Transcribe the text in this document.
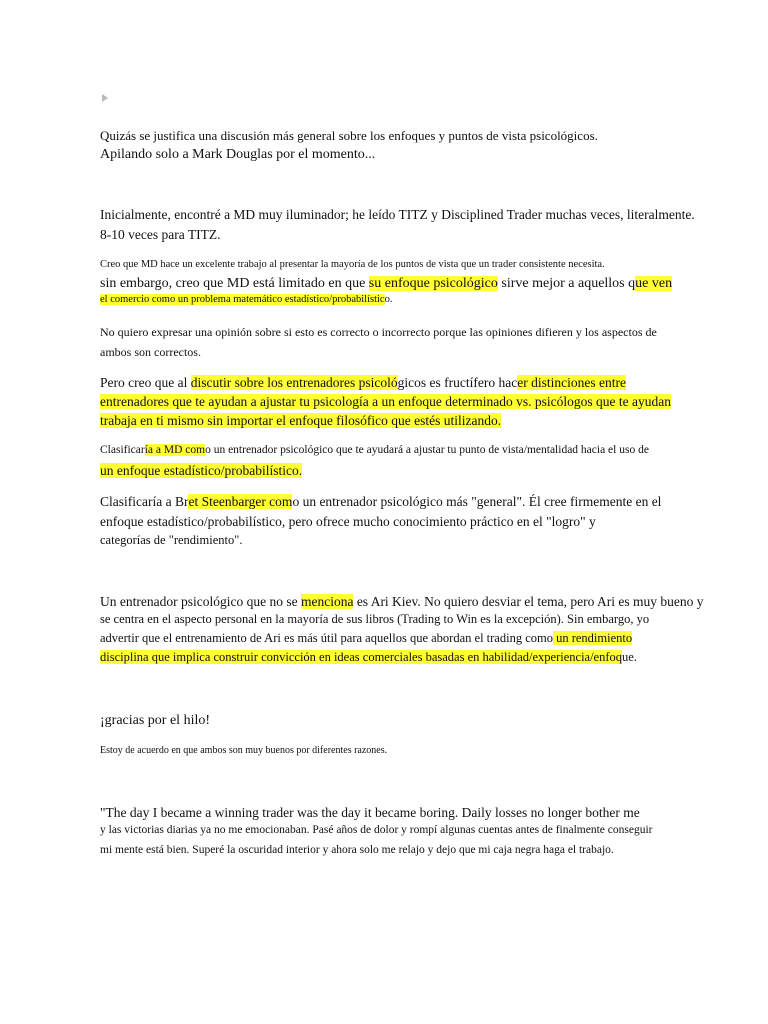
Quizás se justifica una discusión más general sobre los enfoques y puntos de vista psicológicos.
Apilando solo a Mark Douglas por el momento...
Inicialmente, encontré a MD muy iluminador; he leído TITZ y Disciplined Trader muchas veces, literalmente.
8-10 veces para TITZ.
Creo que MD hace un excelente trabajo al presentar la mayoría de los puntos de vista que un trader consistente necesita.
sin embargo, creo que MD está limitado en que su enfoque psicológico sirve mejor a aquellos que ven
el comercio como un problema matemático estadístico/probabilístico.
No quiero expresar una opinión sobre si esto es correcto o incorrecto porque las opiniones difieren y los aspectos de
ambos son correctos.
Pero creo que al discutir sobre los entrenadores psicológicos es fructífero hacer distinciones entre
entrenadores que te ayudan a ajustar tu psicología a un enfoque determinado vs. psicólogos que te ayudan
trabaja en ti mismo sin importar el enfoque filosófico que estés utilizando.
Clasificaría a MD como un entrenador psicológico que te ayudará a ajustar tu punto de vista/mentalidad hacia el uso de
un enfoque estadístico/probabilístico.
Clasificaría a Bret Steenbarger como un entrenador psicológico más "general". Él cree firmemente en el
enfoque estadístico/probabilístico, pero ofrece mucho conocimiento práctico en el "logro" y
categorías de "rendimiento".
Un entrenador psicológico que no se menciona es Ari Kiev. No quiero desviar el tema, pero Ari es muy bueno y
se centra en el aspecto personal en la mayoría de sus libros (Trading to Win es la excepción). Sin embargo, yo
advertir que el entrenamiento de Ari es más útil para aquellos que abordan el trading como un rendimiento
disciplina que implica construir convicción en ideas comerciales basadas en habilidad/experiencia/enfoque.
¡gracias por el hilo!
Estoy de acuerdo en que ambos son muy buenos por diferentes razones.
"The day I became a winning trader was the day it became boring. Daily losses no longer bother me
y las victorias diarias ya no me emocionaban. Pasé años de dolor y rompí algunas cuentas antes de finalmente conseguir
mi mente está bien. Superé la oscuridad interior y ahora solo me relajo y dejo que mi caja negra haga el trabajo.
